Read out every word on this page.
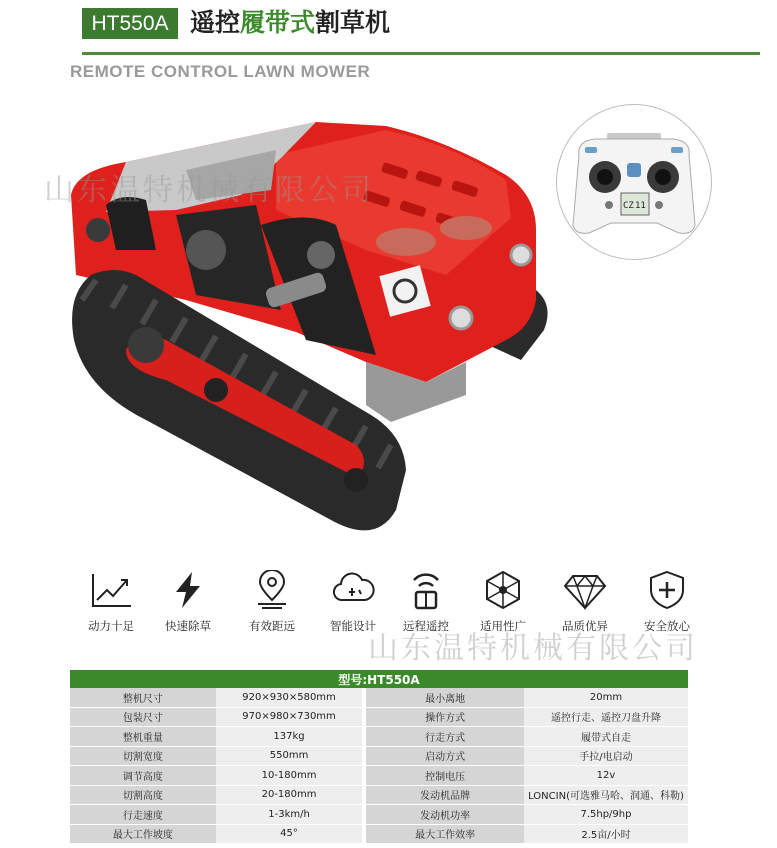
HT550A 遥控履带式割草机
REMOTE CONTROL LAWN MOWER
山东温特机械有限公司	CZ 11
动力十足	快速除草	有效距远	智能设计	远程遥控	适用性广	品质优异	安全放心
山东温特机械有限公司
型号:HT550A			
整机尺寸	920×930×580mm	最小离地	20mm
包装尺寸	970×980×730mm	操作方式	遥控行走、遥控刀盘升降
整机重量	137kg	行走方式	履带式自走
切割宽度	550mm	启动方式	手拉/电启动
调节高度	10-180mm	控制电压	12v
切割高度	20-180mm	发动机品牌	LONCIN(可选雅马哈、润通、科勒)
行走速度	1-3km/h	发动机功率	7.5hp/9hp
最大工作坡度	45°	最大工作效率	2.5亩/小时
